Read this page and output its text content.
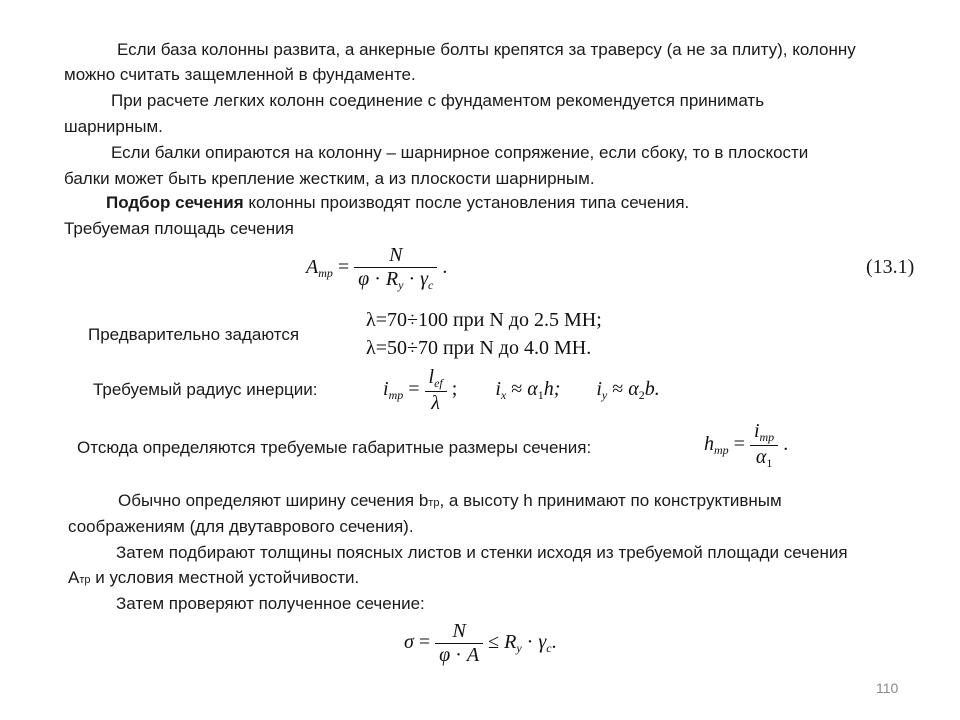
Если база колонны развита, а анкерные болты крепятся за траверсу (а не за плиту), колонну
можно считать защемленной в фундаменте.
При расчете легких колонн соединение с фундаментом рекомендуется принимать
шарнирным.
Если балки опираются на колонну – шарнирное сопряжение, если сбоку, то в плоскости
балки может быть крепление жестким, а из плоскости шарнирным.
Подбор сечения колонны производят после установления типа сечения.
Требуемая площадь сечения
$A_{тр} = \frac{N}{\varphi \cdot R_y \cdot \gamma_c}$ .	(13.1)
Предварительно задаются
λ=70÷100 при N до 2.5 МН;
λ=50÷70 при N до 4.0 МН.
Требуемый радиус инерции:	$i_{тр} = \frac{l_{ef}}{\lambda}$ ; $i_x \approx \alpha_1h$; $i_y \approx \alpha_2b$.
Отсюда определяются требуемые габаритные размеры сечения:	$h_{тр} = \frac{i_{тр}}{\alpha_1}$ .
Обычно определяют ширину сечения bтр, а высоту h принимают по конструктивным
соображениям (для двутаврового сечения).
Затем подбирают толщины поясных листов и стенки исходя из требуемой площади сечения
Aтр и условия местной устойчивости.
Затем проверяют полученное сечение:
$\sigma = \frac{N}{\varphi \cdot A} \le R_y \cdot \gamma_c$.
110
